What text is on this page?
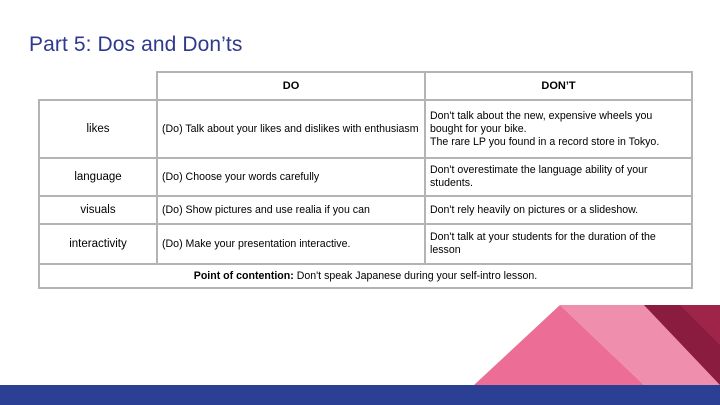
Part 5: Dos and Don’ts
	DO	DON’T
likes	(Do) Talk about your likes and dislikes with enthusiasm	Don't talk about the new, expensive wheels you bought for your bike.
The rare LP you found in a record store in Tokyo.

language	(Do) Choose your words carefully	Don't overestimate the language ability of your students.

visuals	(Do) Show pictures and use realia if you can	Don't rely heavily on pictures or a slideshow.

interactivity	(Do) Make your presentation interactive.	Don't talk at your students for the duration of the lesson

Point of contention: Don't speak Japanese during your self-intro lesson.		
